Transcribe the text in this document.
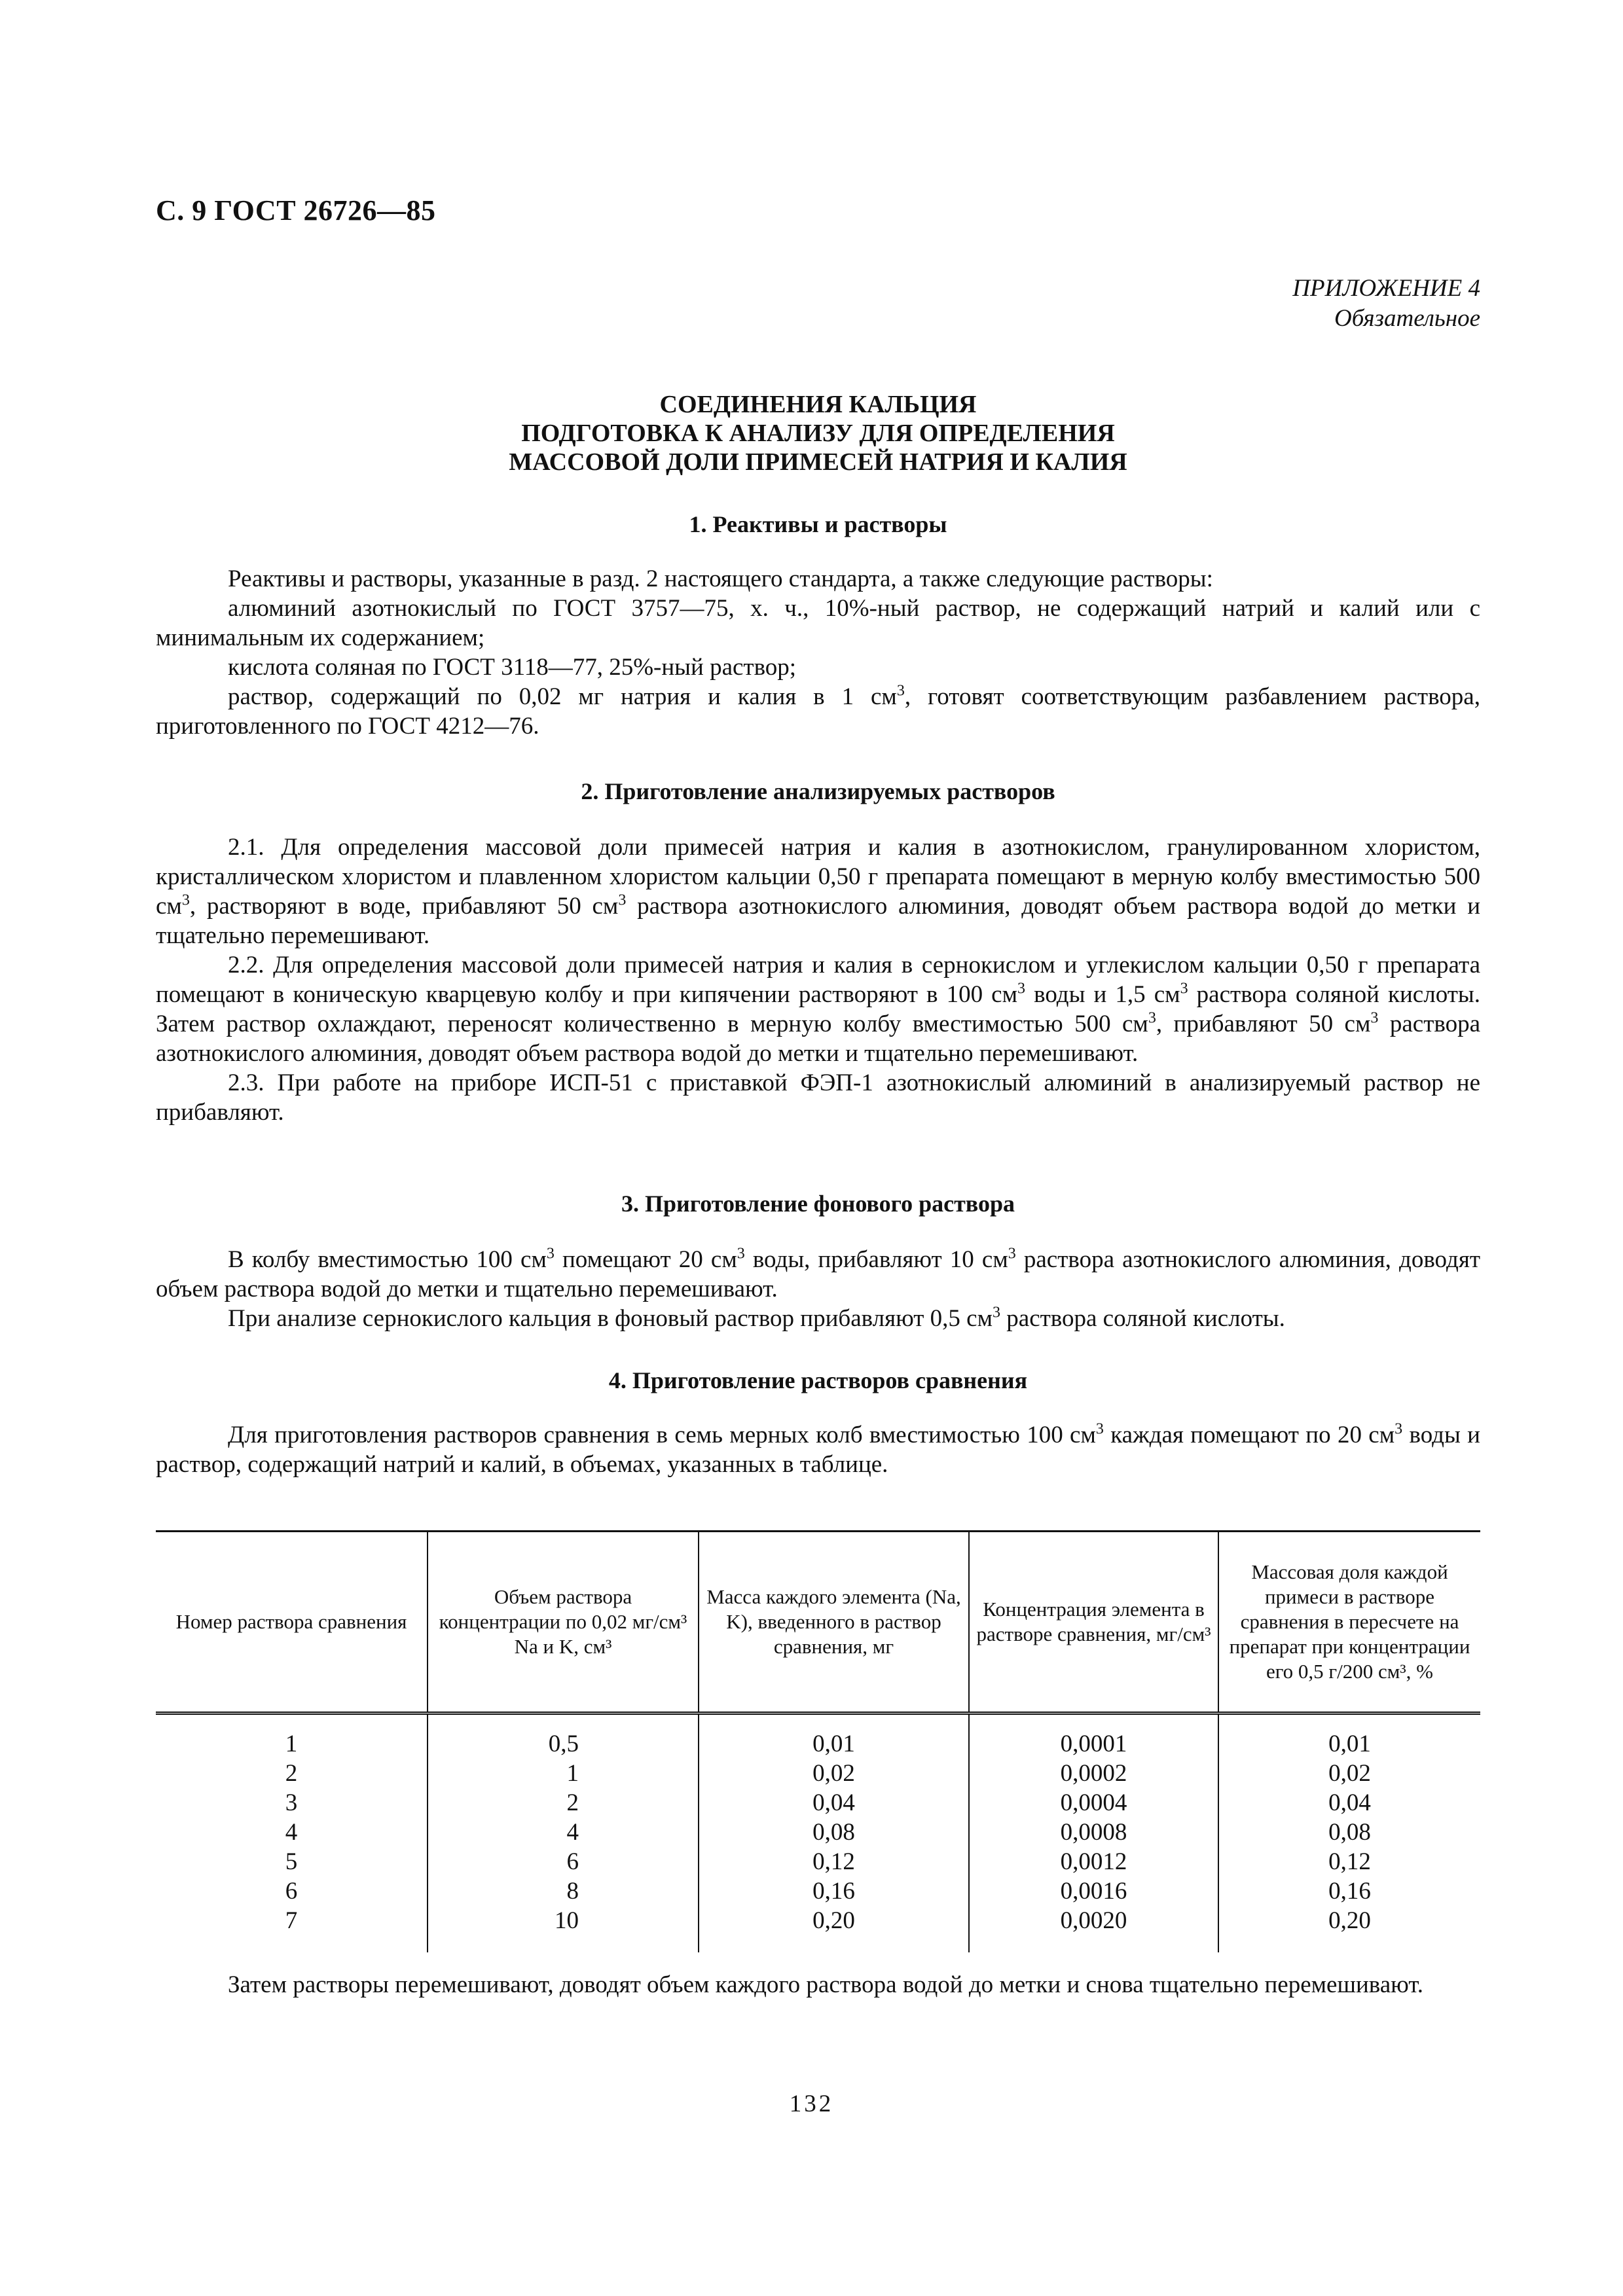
С. 9 ГОСТ 26726—85
ПРИЛОЖЕНИЕ 4
Обязательное
СОЕДИНЕНИЯ КАЛЬЦИЯ
ПОДГОТОВКА К АНАЛИЗУ ДЛЯ ОПРЕДЕЛЕНИЯ
МАССОВОЙ ДОЛИ ПРИМЕСЕЙ НАТРИЯ И КАЛИЯ
1. Реактивы и растворы

Реактивы и растворы, указанные в разд. 2 настоящего стандарта, а также следующие растворы:

алюминий азотнокислый по ГОСТ 3757—75, х. ч., 10%-ный раствор, не содержащий натрий и калий или с минимальным их содержанием;

кислота соляная по ГОСТ 3118—77, 25%-ный раствор;

раствор, содержащий по 0,02 мг натрия и калия в 1 $см^3$, готовят соответствующим разбавлением раствора, приготовленного по ГОСТ 4212—76.

2. Приготовление анализируемых растворов

2.1. Для определения массовой доли примесей натрия и калия в азотнокислом, гранулированном хлористом, кристаллическом хлористом и плавленном хлористом кальции 0,50 г препарата помещают в мерную колбу вместимостью 500 $см^3$, растворяют в воде, прибавляют 50 $см^3$ раствора азотнокислого алюминия, доводят объем раствора водой до метки и тщательно перемешивают.

2.2. Для определения массовой доли примесей натрия и калия в сернокислом и углекислом кальции 0,50 г препарата помещают в коническую кварцевую колбу и при кипячении растворяют в 100 $см^3$ воды и 1,5 $см^3$ раствора соляной кислоты. Затем раствор охлаждают, переносят количественно в мерную колбу вместимостью 500 $см^3$, прибавляют 50 $см^3$ раствора азотнокислого алюминия, доводят объем раствора водой до метки и тщательно перемешивают.

2.3. При работе на приборе ИСП-51 с приставкой ФЭП-1 азотнокислый алюминий в анализируемый раствор не прибавляют.

3. Приготовление фонового раствора

В колбу вместимостью 100 $см^3$ помещают 20 $см^3$ воды, прибавляют 10 $см^3$ раствора азотнокислого алюминия, доводят объем раствора водой до метки и тщательно перемешивают.

При анализе сернокислого кальция в фоновый раствор прибавляют 0,5 $см^3$ раствора соляной кислоты.

4. Приготовление растворов сравнения

Для приготовления растворов сравнения в семь мерных колб вместимостью 100 $см^3$ каждая помещают по 20 $см^3$ воды и раствор, содержащий натрий и калий, в объемах, указанных в таблице.

Номер раствора сравнения	Объем раствора концентрации по 0,02 мг/см³ Na и K, см³	Масса каждого элемента (Na, K), введенного в раствор сравнения, мг	Концентрация элемента в растворе сравнения, мг/см³	Массовая доля каждой примеси в растворе сравнения в пересчете на препарат при концентрации его 0,5 г/200 см³, %
1	0,5	0,01	0,0001	0,01
2	1	0,02	0,0002	0,02
3	2	0,04	0,0004	0,04
4	4	0,08	0,0008	0,08
5	6	0,12	0,0012	0,12
6	8	0,16	0,0016	0,16
7	10	0,20	0,0020	0,20

Затем растворы перемешивают, доводят объем каждого раствора водой до метки и снова тщательно перемешивают.

132
